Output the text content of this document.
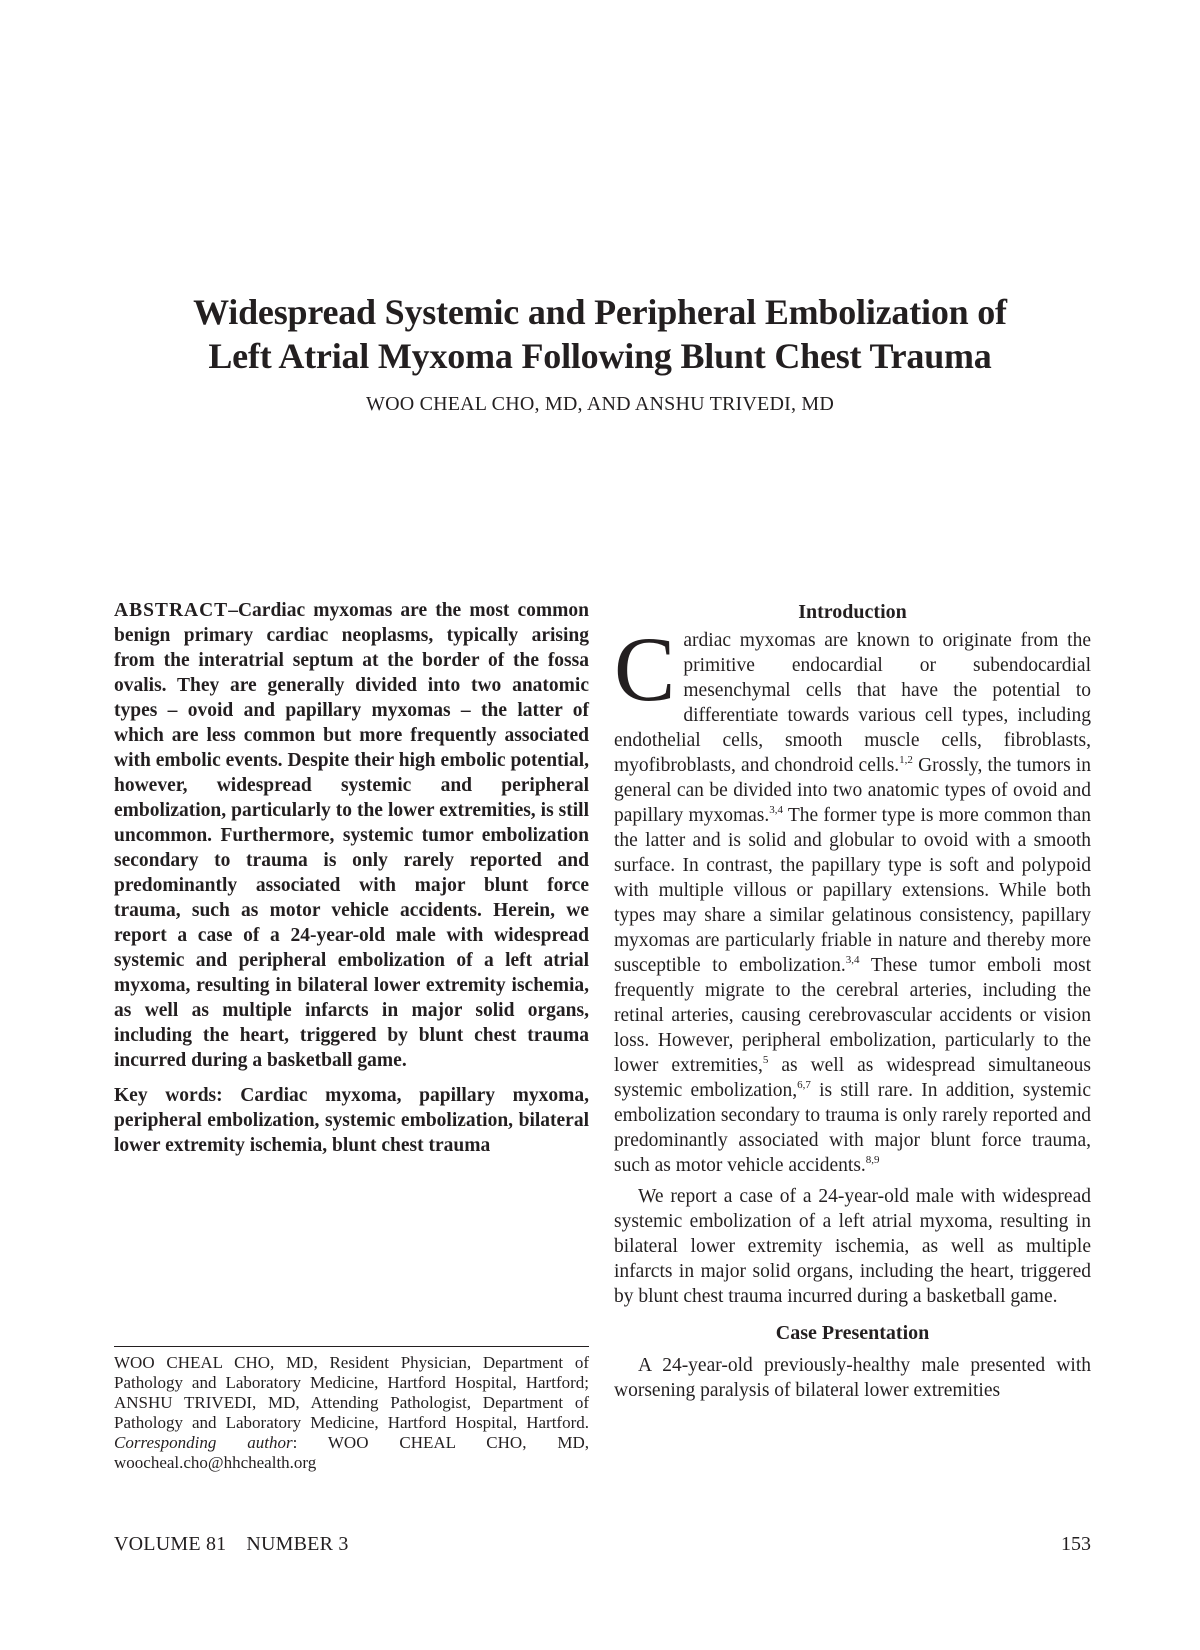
Widespread Systemic and Peripheral Embolization of
Left Atrial Myxoma Following Blunt Chest Trauma
WOO CHEAL CHO, MD, AND ANSHU TRIVEDI, MD
ABSTRACT–Cardiac myxomas are the most common benign primary cardiac neoplasms, typically arising from the interatrial septum at the border of the fossa ovalis. They are generally divided into two anatomic types – ovoid and papillary myxomas – the latter of which are less common but more frequently associated with embolic events. Despite their high embolic potential, however, widespread systemic and peripheral embolization, particularly to the lower extremities, is still uncommon. Furthermore, systemic tumor embolization secondary to trauma is only rarely reported and predominantly associated with major blunt force trauma, such as motor vehicle accidents. Herein, we report a case of a 24-year-old male with widespread systemic and peripheral embolization of a left atrial myxoma, resulting in bilateral lower extremity ischemia, as well as multiple infarcts in major solid organs, including the heart, triggered by blunt chest trauma incurred during a basketball game.
Key words: Cardiac myxoma, papillary myxoma, peripheral embolization, systemic embolization, bilateral lower extremity ischemia, blunt chest trauma
WOO CHEAL CHO, MD, Resident Physician, Department of Pathology and Laboratory Medicine, Hartford Hospital, Hartford; ANSHU TRIVEDI, MD, Attending Pathologist, Department of Pathology and Laboratory Medicine, Hartford Hospital, Hartford. Corresponding author: WOO CHEAL CHO, MD, woocheal.cho@hhchealth.org
Introduction
Cardiac myxomas are known to originate from the primitive endocardial or subendocardial mesenchymal cells that have the potential to differentiate towards various cell types, including endothelial cells, smooth muscle cells, fibroblasts, myofibroblasts, and chondroid cells.$^{1,2}$ Grossly, the tumors in general can be divided into two anatomic types of ovoid and papillary myxomas.$^{3,4}$ The former type is more common than the latter and is solid and globular to ovoid with a smooth surface. In contrast, the papillary type is soft and polypoid with multiple villous or papillary extensions. While both types may share a similar gelatinous consistency, papillary myxomas are particularly friable in nature and thereby more susceptible to embolization.$^{3,4}$ These tumor emboli most frequently migrate to the cerebral arteries, including the retinal arteries, causing cerebrovascular accidents or vision loss. However, peripheral embolization, particularly to the lower extremities,$^5$ as well as widespread simultaneous systemic embolization,$^{6,7}$ is still rare. In addition, systemic embolization secondary to trauma is only rarely reported and predominantly associated with major blunt force trauma, such as motor vehicle accidents.$^{8,9}$
We report a case of a 24-year-old male with widespread systemic embolization of a left atrial myxoma, resulting in bilateral lower extremity ischemia, as well as multiple infarcts in major solid organs, including the heart, triggered by blunt chest trauma incurred during a basketball game.
Case Presentation
A 24-year-old previously-healthy male presented with worsening paralysis of bilateral lower extremities
VOLUME 81 NUMBER 3	153
